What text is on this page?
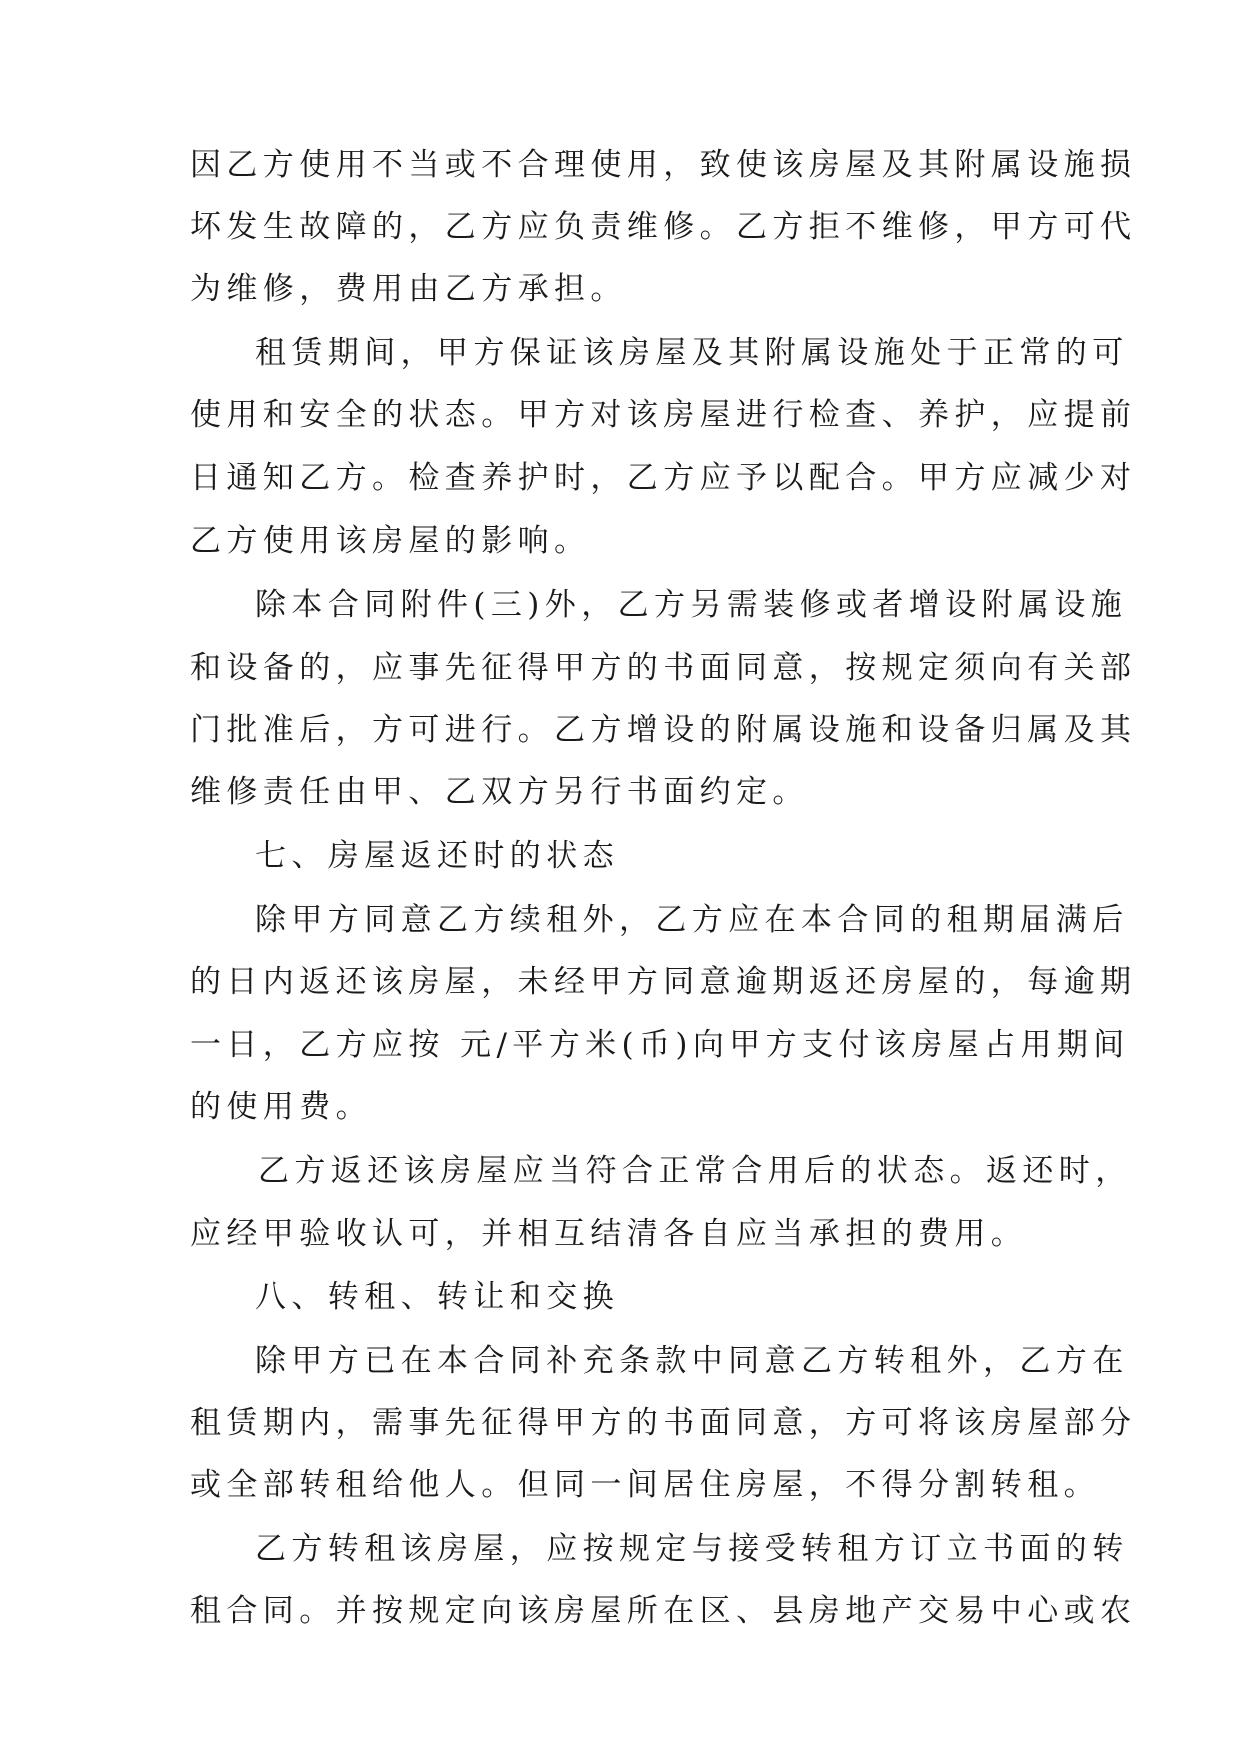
因乙方使用不当或不合理使用，致使该房屋及其附属设施损
坏发生故障的，乙方应负责维修。乙方拒不维修，甲方可代
为维修，费用由乙方承担。
租赁期间，甲方保证该房屋及其附属设施处于正常的可
使用和安全的状态。甲方对该房屋进行检查、养护，应提前
日通知乙方。检查养护时，乙方应予以配合。甲方应减少对
乙方使用该房屋的影响。
除本合同附件(三)外，乙方另需装修或者增设附属设施
和设备的，应事先征得甲方的书面同意，按规定须向有关部
门批准后，方可进行。乙方增设的附属设施和设备归属及其
维修责任由甲、乙双方另行书面约定。
七、房屋返还时的状态
除甲方同意乙方续租外，乙方应在本合同的租期届满后
的日内返还该房屋，未经甲方同意逾期返还房屋的，每逾期
一日，乙方应按 元/平方米(币)向甲方支付该房屋占用期间
的使用费。
乙方返还该房屋应当符合正常合用后的状态。返还时，
应经甲验收认可，并相互结清各自应当承担的费用。
八、转租、转让和交换
除甲方已在本合同补充条款中同意乙方转租外，乙方在
租赁期内，需事先征得甲方的书面同意，方可将该房屋部分
或全部转租给他人。但同一间居住房屋，不得分割转租。
乙方转租该房屋，应按规定与接受转租方订立书面的转
租合同。并按规定向该房屋所在区、县房地产交易中心或农
